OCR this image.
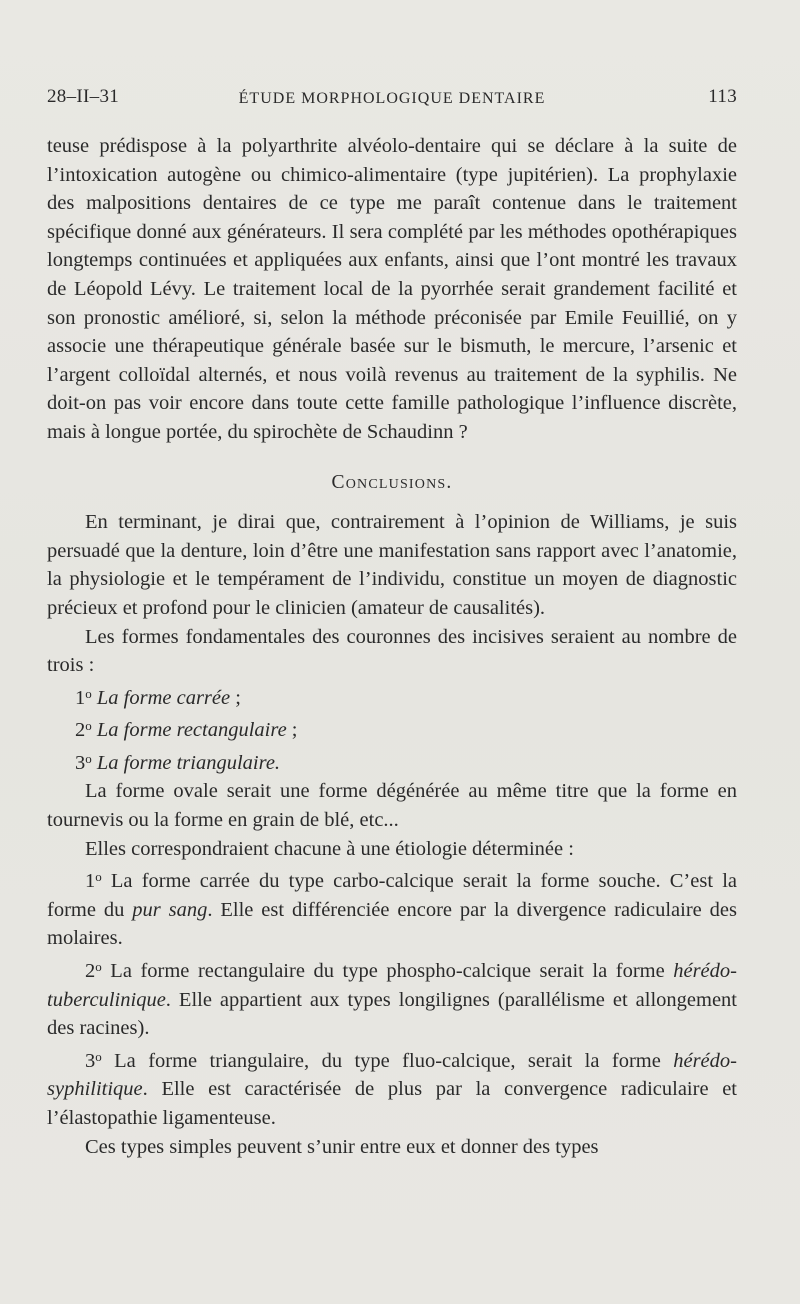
28–II–31	ÉTUDE MORPHOLOGIQUE DENTAIRE	113

teuse prédispose à la polyarthrite alvéolo-dentaire qui se déclare à la suite de l’intoxication autogène ou chimico-alimentaire (type jupitérien). La prophylaxie des malpositions dentaires de ce type me paraît contenue dans le traitement spécifique donné aux générateurs. Il sera complété par les méthodes opothérapiques longtemps continuées et appliquées aux enfants, ainsi que l’ont montré les travaux de Léopold Lévy. Le traitement local de la pyorrhée serait grandement facilité et son pronostic amélioré, si, selon la méthode préconisée par Emile Feuillié, on y associe une thérapeutique générale basée sur le bismuth, le mercure, l’arsenic et l’argent colloïdal alternés, et nous voilà revenus au traitement de la syphilis. Ne doit-on pas voir encore dans toute cette famille pathologique l’influence discrète, mais à longue portée, du spirochète de Schaudinn ?

Conclusions.

En terminant, je dirai que, contrairement à l’opinion de Williams, je suis persuadé que la denture, loin d’être une manifestation sans rapport avec l’anatomie, la physiologie et le tempérament de l’individu, constitue un moyen de diagnostic précieux et profond pour le clinicien (amateur de causalités).

Les formes fondamentales des couronnes des incisives seraient au nombre de trois :

1$^o$ La forme carrée ;

2$^o$ La forme rectangulaire ;

3$^o$ La forme triangulaire.

La forme ovale serait une forme dégénérée au même titre que la forme en tournevis ou la forme en grain de blé, etc...

Elles correspondraient chacune à une étiologie déterminée :

1$^o$ La forme carrée du type carbo-calcique serait la forme souche. C’est la forme du pur sang. Elle est différenciée encore par la divergence radiculaire des molaires.

2$^o$ La forme rectangulaire du type phospho-calcique serait la forme hérédo-tuberculinique. Elle appartient aux types longilignes (parallélisme et allongement des racines).

3$^o$ La forme triangulaire, du type fluo-calcique, serait la forme hérédo-syphilitique. Elle est caractérisée de plus par la convergence radiculaire et l’élastopathie ligamenteuse.

Ces types simples peuvent s’unir entre eux et donner des types
